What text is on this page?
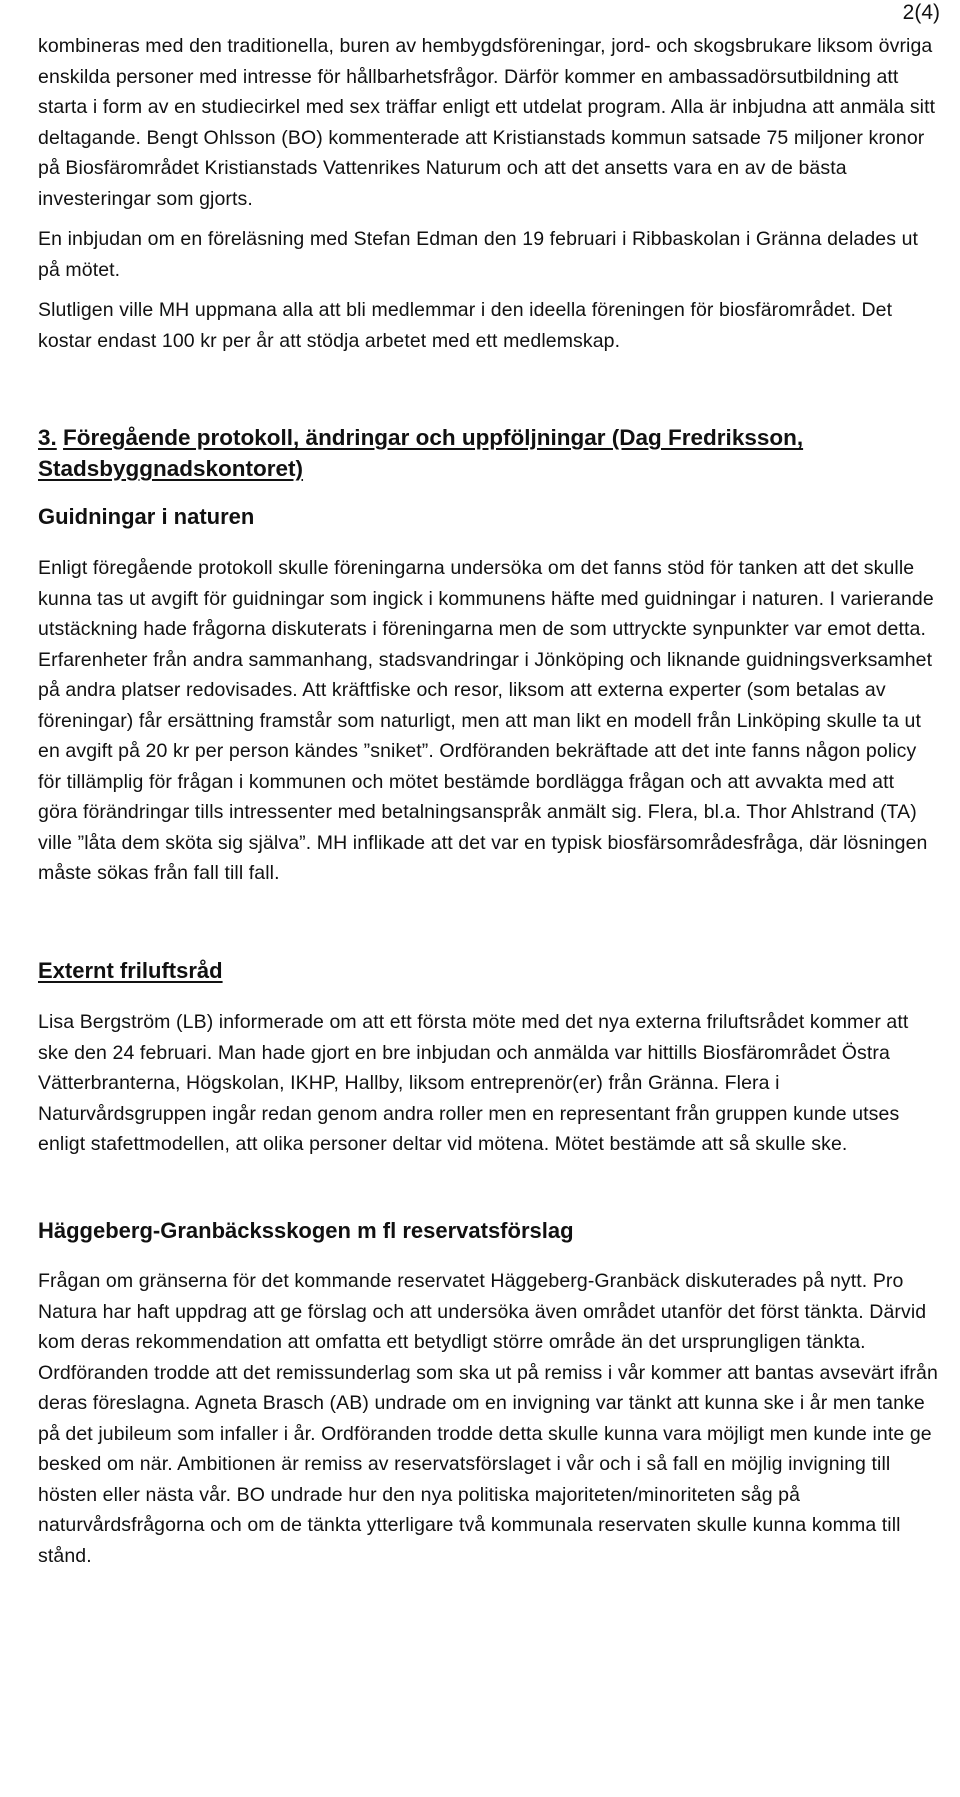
2(4)

kombineras med den traditionella, buren av hembygdsföreningar, jord- och skogsbrukare liksom övriga enskilda personer med intresse för hållbarhetsfrågor. Därför kommer en ambassadörsutbildning att starta i form av en studiecirkel med sex träffar enligt ett utdelat program. Alla är inbjudna att anmäla sitt deltagande. Bengt Ohlsson (BO) kommenterade att Kristianstads kommun satsade 75 miljoner kronor på Biosfärområdet Kristianstads Vattenrikes Naturum och att det ansetts vara en av de bästa investeringar som gjorts.

En inbjudan om en föreläsning med Stefan Edman den 19 februari i Ribbaskolan i Gränna delades ut på mötet.

Slutligen ville MH uppmana alla att bli medlemmar i den ideella föreningen för biosfärområdet. Det kostar endast 100 kr per år att stödja arbetet med ett medlemskap.

3. Föregående protokoll, ändringar och uppföljningar (Dag Fredriksson, Stadsbyggnadskontoret)
Guidningar i naturen

Enligt föregående protokoll skulle föreningarna undersöka om det fanns stöd för tanken att det skulle kunna tas ut avgift för guidningar som ingick i kommunens häfte med guidningar i naturen. I varierande utstäckning hade frågorna diskuterats i föreningarna men de som uttryckte synpunkter var emot detta. Erfarenheter från andra sammanhang, stadsvandringar i Jönköping och liknande guidningsverksamhet på andra platser redovisades. Att kräftfiske och resor, liksom att externa experter (som betalas av föreningar) får ersättning framstår som naturligt, men att man likt en modell från Linköping skulle ta ut en avgift på 20 kr per person kändes ”sniket”. Ordföranden bekräftade att det inte fanns någon policy för tillämplig för frågan i kommunen och mötet bestämde bordlägga frågan och att avvakta med att göra förändringar tills intressenter med betalningsanspråk anmält sig. Flera, bl.a. Thor Ahlstrand (TA) ville ”låta dem sköta sig själva”. MH inflikade att det var en typisk biosfärsområdesfråga, där lösningen måste sökas från fall till fall.

Externt friluftsråd

Lisa Bergström (LB) informerade om att ett första möte med det nya externa friluftsrådet kommer att ske den 24 februari. Man hade gjort en bre inbjudan och anmälda var hittills Biosfärområdet Östra Vätterbranterna, Högskolan, IKHP, Hallby, liksom entreprenör(er) från Gränna. Flera i Naturvårdsgruppen ingår redan genom andra roller men en representant från gruppen kunde utses enligt stafettmodellen, att olika personer deltar vid mötena. Mötet bestämde att så skulle ske.

Häggeberg-Granbäcksskogen m fl reservatsförslag

Frågan om gränserna för det kommande reservatet Häggeberg-Granbäck diskuterades på nytt. Pro Natura har haft uppdrag att ge förslag och att undersöka även området utanför det först tänkta. Därvid kom deras rekommendation att omfatta ett betydligt större område än det ursprungligen tänkta. Ordföranden trodde att det remissunderlag som ska ut på remiss i vår kommer att bantas avsevärt ifrån deras föreslagna. Agneta Brasch (AB) undrade om en invigning var tänkt att kunna ske i år men tanke på det jubileum som infaller i år. Ordföranden trodde detta skulle kunna vara möjligt men kunde inte ge besked om när. Ambitionen är remiss av reservatsförslaget i vår och i så fall en möjlig invigning till hösten eller nästa vår. BO undrade hur den nya politiska majoriteten/minoriteten såg på naturvårdsfrågorna och om de tänkta ytterligare två kommunala reservaten skulle kunna komma till stånd.
